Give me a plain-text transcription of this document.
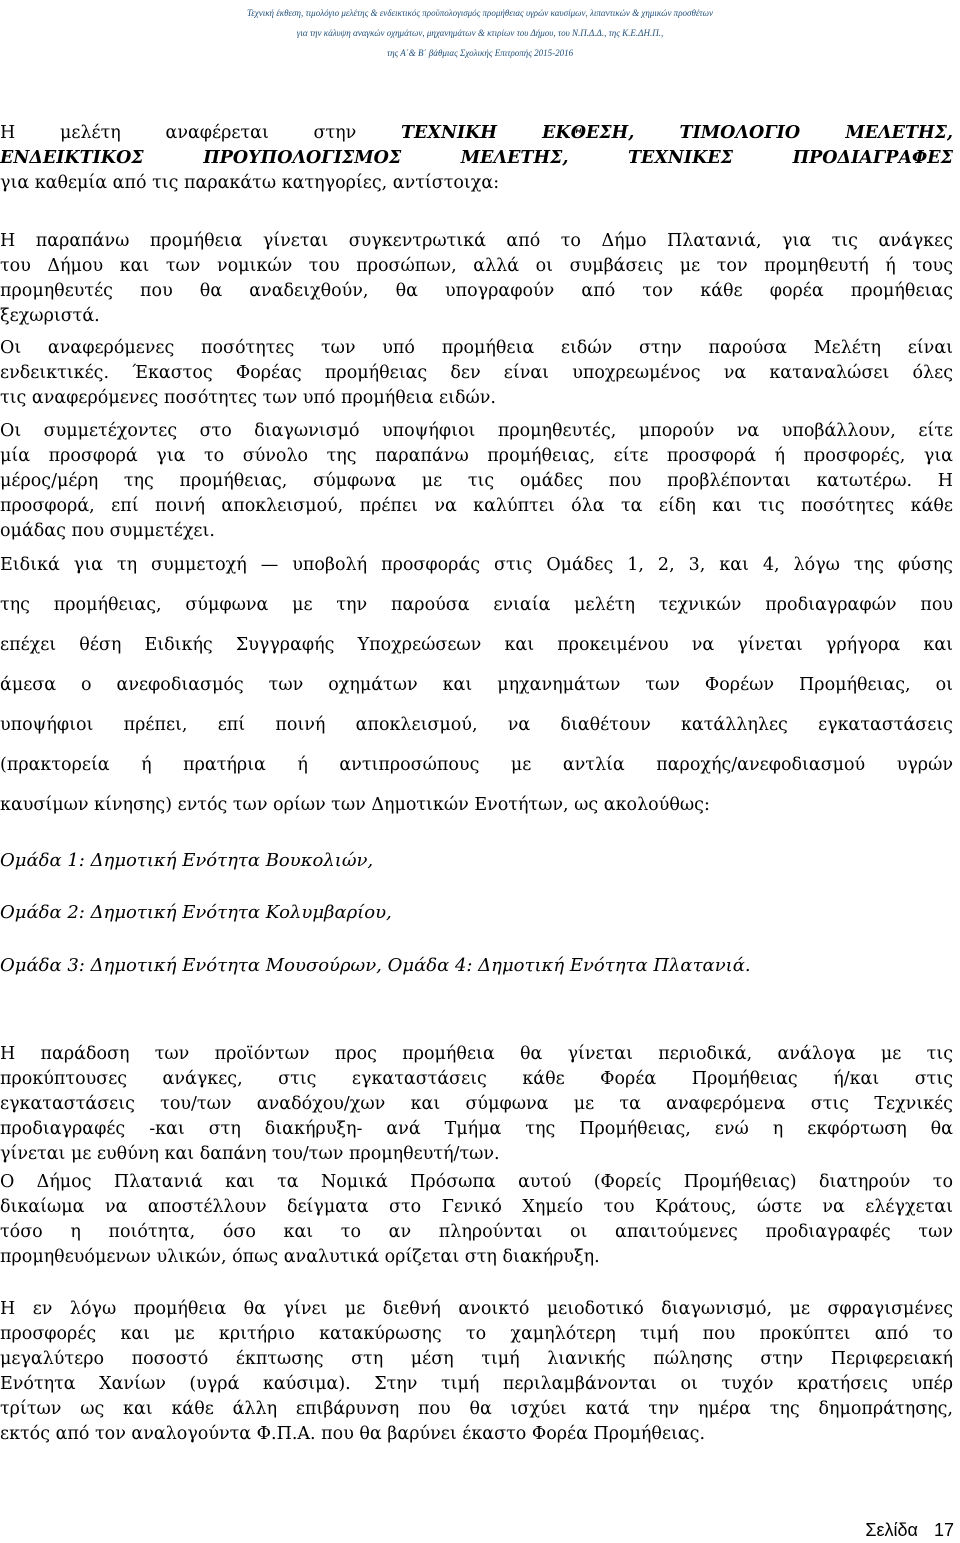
Τεχνική έκθεση, τιμολόγιο μελέτης & ενδεικτικός προϋπολογισμός προμήθειας υγρών καυσίμων, λιπαντικών & χημικών προσθέτων
για την κάλυψη αναγκών οχημάτων, μηχανημάτων & κτιρίων του Δήμου, του Ν.Π.Δ.Δ., της Κ.Ε.ΔΗ.Π.,
της Α΄& Β΄ βάθμιας Σχολικής Επιτροπής 2015-2016
Η μελέτη αναφέρεται στην ΤΕΧΝΙΚΗ ΕΚΘΕΣΗ, ΤΙΜΟΛΟΓΙΟ ΜΕΛΕΤΗΣ,
ΕΝΔΕΙΚΤΙΚΟΣ ΠΡΟΥΠΟΛΟΓΙΣΜΟΣ ΜΕΛΕΤΗΣ, ΤΕΧΝΙΚΕΣ ΠΡΟΔΙΑΓΡΑΦΕΣ
για καθεμία από τις παρακάτω κατηγορίες, αντίστοιχα:
Η παραπάνω προμήθεια γίνεται συγκεντρωτικά από το Δήμο Πλατανιά, για τις ανάγκες
του Δήμου και των νομικών του προσώπων, αλλά οι συμβάσεις με τον προμηθευτή ή τους
προμηθευτές που θα αναδειχθούν, θα υπογραφούν από τον κάθε φορέα προμήθειας
ξεχωριστά.
Οι αναφερόμενες ποσότητες των υπό προμήθεια ειδών στην παρούσα Μελέτη είναι
ενδεικτικές. Έκαστος Φορέας προμήθειας δεν είναι υποχρεωμένος να καταναλώσει όλες
τις αναφερόμενες ποσότητες των υπό προμήθεια ειδών.
Οι συμμετέχοντες στο διαγωνισμό υποψήφιοι προμηθευτές, μπορούν να υποβάλλουν, είτε
μία προσφορά για το σύνολο της παραπάνω προμήθειας, είτε προσφορά ή προσφορές, για
μέρος/μέρη της προμήθειας, σύμφωνα με τις ομάδες που προβλέπονται κατωτέρω. Η
προσφορά, επί ποινή αποκλεισμού, πρέπει να καλύπτει όλα τα είδη και τις ποσότητες κάθε
ομάδας που συμμετέχει.
Ειδικά για τη συμμετοχή — υποβολή προσφοράς στις Ομάδες 1, 2, 3, και 4, λόγω της φύσης
της προμήθειας, σύμφωνα με την παρούσα ενιαία μελέτη τεχνικών προδιαγραφών που
επέχει θέση Ειδικής Συγγραφής Υποχρεώσεων και προκειμένου να γίνεται γρήγορα και
άμεσα ο ανεφοδιασμός των οχημάτων και μηχανημάτων των Φορέων Προμήθειας, οι
υποψήφιοι πρέπει, επί ποινή αποκλεισμού, να διαθέτουν κατάλληλες εγκαταστάσεις
(πρακτορεία ή πρατήρια ή αντιπροσώπους με αντλία παροχής/ανεφοδιασμού υγρών
καυσίμων κίνησης) εντός των ορίων των Δημοτικών Ενοτήτων, ως ακολούθως:
Ομάδα 1: Δημοτική Ενότητα Βουκολιών,
Ομάδα 2: Δημοτική Ενότητα Κολυμβαρίου,
Ομάδα 3: Δημοτική Ενότητα Μουσούρων, Ομάδα 4: Δημοτική Ενότητα Πλατανιά.
Η παράδοση των προϊόντων προς προμήθεια θα γίνεται περιοδικά, ανάλογα με τις
προκύπτουσες ανάγκες, στις εγκαταστάσεις κάθε Φορέα Προμήθειας ή/και στις
εγκαταστάσεις του/των αναδόχου/χων και σύμφωνα με τα αναφερόμενα στις Τεχνικές
προδιαγραφές -και στη διακήρυξη- ανά Τμήμα της Προμήθειας, ενώ η εκφόρτωση θα
γίνεται με ευθύνη και δαπάνη του/των προμηθευτή/των.
Ο Δήμος Πλατανιά και τα Νομικά Πρόσωπα αυτού (Φορείς Προμήθειας) διατηρούν το
δικαίωμα να αποστέλλουν δείγματα στο Γενικό Χημείο του Κράτους, ώστε να ελέγχεται
τόσο η ποιότητα, όσο και το αν πληρούνται οι απαιτούμενες προδιαγραφές των
προμηθευόμενων υλικών, όπως αναλυτικά ορίζεται στη διακήρυξη.
Η εν λόγω προμήθεια θα γίνει με διεθνή ανοικτό μειοδοτικό διαγωνισμό, με σφραγισμένες
προσφορές και με κριτήριο κατακύρωσης το χαμηλότερη τιμή που προκύπτει από το
μεγαλύτερο ποσοστό έκπτωσης στη μέση τιμή λιανικής πώλησης στην Περιφερειακή
Ενότητα Χανίων (υγρά καύσιμα). Στην τιμή περιλαμβάνονται οι τυχόν κρατήσεις υπέρ
τρίτων ως και κάθε άλλη επιβάρυνση που θα ισχύει κατά την ημέρα της δημοπράτησης,
εκτός από τον αναλογούντα Φ.Π.Α. που θα βαρύνει έκαστο Φορέα Προμήθειας.
Σελίδα 17
